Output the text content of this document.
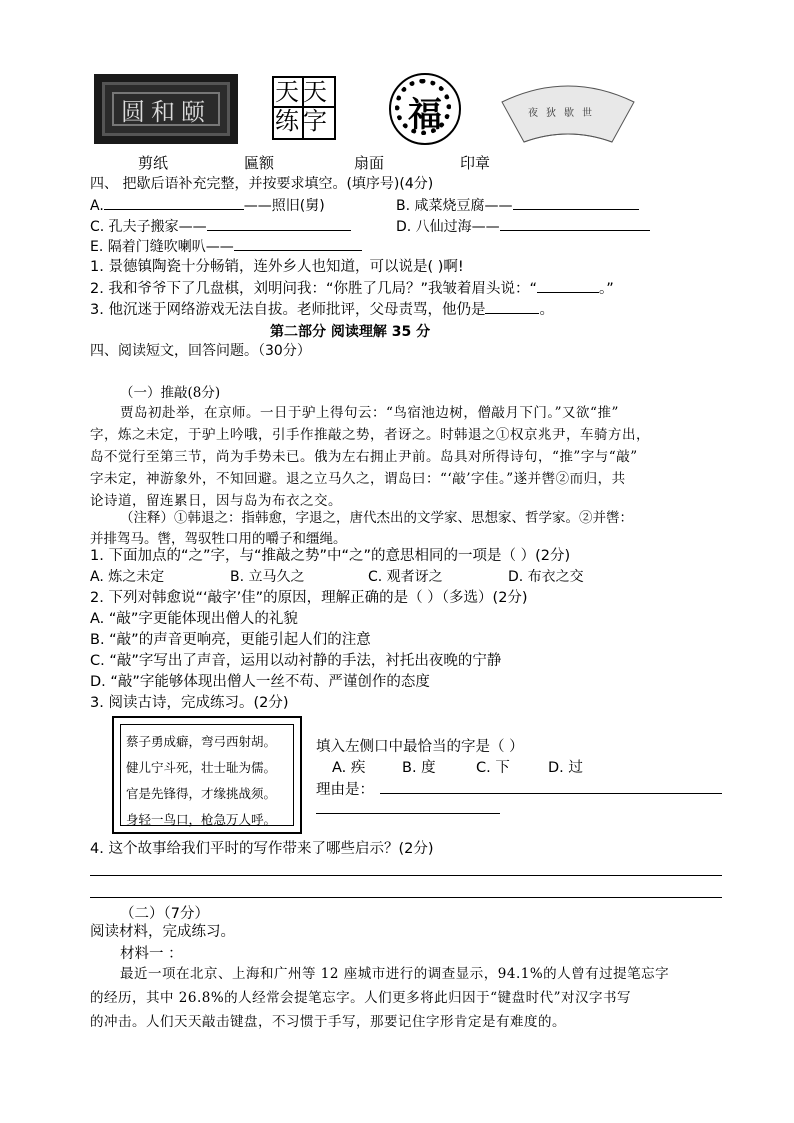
圆和颐
天天练字	福	夜狄歇世
剪纸	匾额	扇面	印章
四、 把歇后语补充完整，并按要求填空。(填序号)(4分)
A.	——照旧(舅)	B. 咸菜烧豆腐——
C. 孔夫子搬家——	D. 八仙过海——
E. 隔着门缝吹喇叭——
1. 景德镇陶瓷十分畅销，连外乡人也知道，可以说是( )啊!
2. 我和爷爷下了几盘棋，刘明问我：“你胜了几局？”我皱着眉头说：“	。”
3. 他沉迷于网络游戏无法自拔。老师批评，父母责骂，他仍是	。
第二部分 阅读理解 35 分
四、阅读短文，回答问题。（30分）
（一）推敲(8分)
贾岛初赴举，在京师。一日于驴上得句云：“鸟宿池边树，僧敲月下门。”又欲“推”
字，炼之未定，于驴上吟哦，引手作推敲之势，者讶之。时韩退之①权京兆尹，车骑方出，
岛不觉行至第三节，尚为手势未已。俄为左右拥止尹前。岛具对所得诗句，“推”字与“敲”
字未定，神游象外，不知回避。退之立马久之，谓岛曰：“‘敲’字佳。”遂并辔②而归，共
论诗道，留连累日，因与岛为布衣之交。
（注释）①韩退之：指韩愈，字退之，唐代杰出的文学家、思想家、哲学家。②并辔：
并排驾马。辔，驾驭牲口用的嚼子和缰绳。
1. 下面加点的“之”字，与“推敲之势”中“之”的意思相同的一项是（ ）(2分)
A. 炼之未定	B. 立马久之	C. 观者讶之	D. 布衣之交
2. 下列对韩愈说“‘敲字’佳”的原因，理解正确的是（ ）（多选）(2分)
A. “敲”字更能体现出僧人的礼貌
B. “敲”的声音更响亮，更能引起人们的注意
C. “敲”字写出了声音，运用以动衬静的手法，衬托出夜晚的宁静
D. “敲”字能够体现出僧人一丝不苟、严谨创作的态度
3. 阅读古诗，完成练习。(2分)
蔡子勇成癖，弯弓西射胡。
健儿宁斗死，壮士耻为儒。
官是先锋得，才缘挑战须。
身轻一鸟口，枪急万人呼。
填入左侧口中最恰当的字是（ ）
A. 疾	B. 度	C. 下	D. 过
理由是：
4. 这个故事给我们平时的写作带来了哪些启示？(2分)
（二）（7分）
阅读材料，完成练习。
材料一 ：
最近一项在北京、上海和广州等 12 座城市进行的调查显示，94.1%的人曾有过提笔忘字
的经历，其中 26.8%的人经常会提笔忘字。人们更多将此归因于“键盘时代”对汉字书写
的冲击。人们天天敲击键盘，不习惯于手写，那要记住字形肯定是有难度的。
